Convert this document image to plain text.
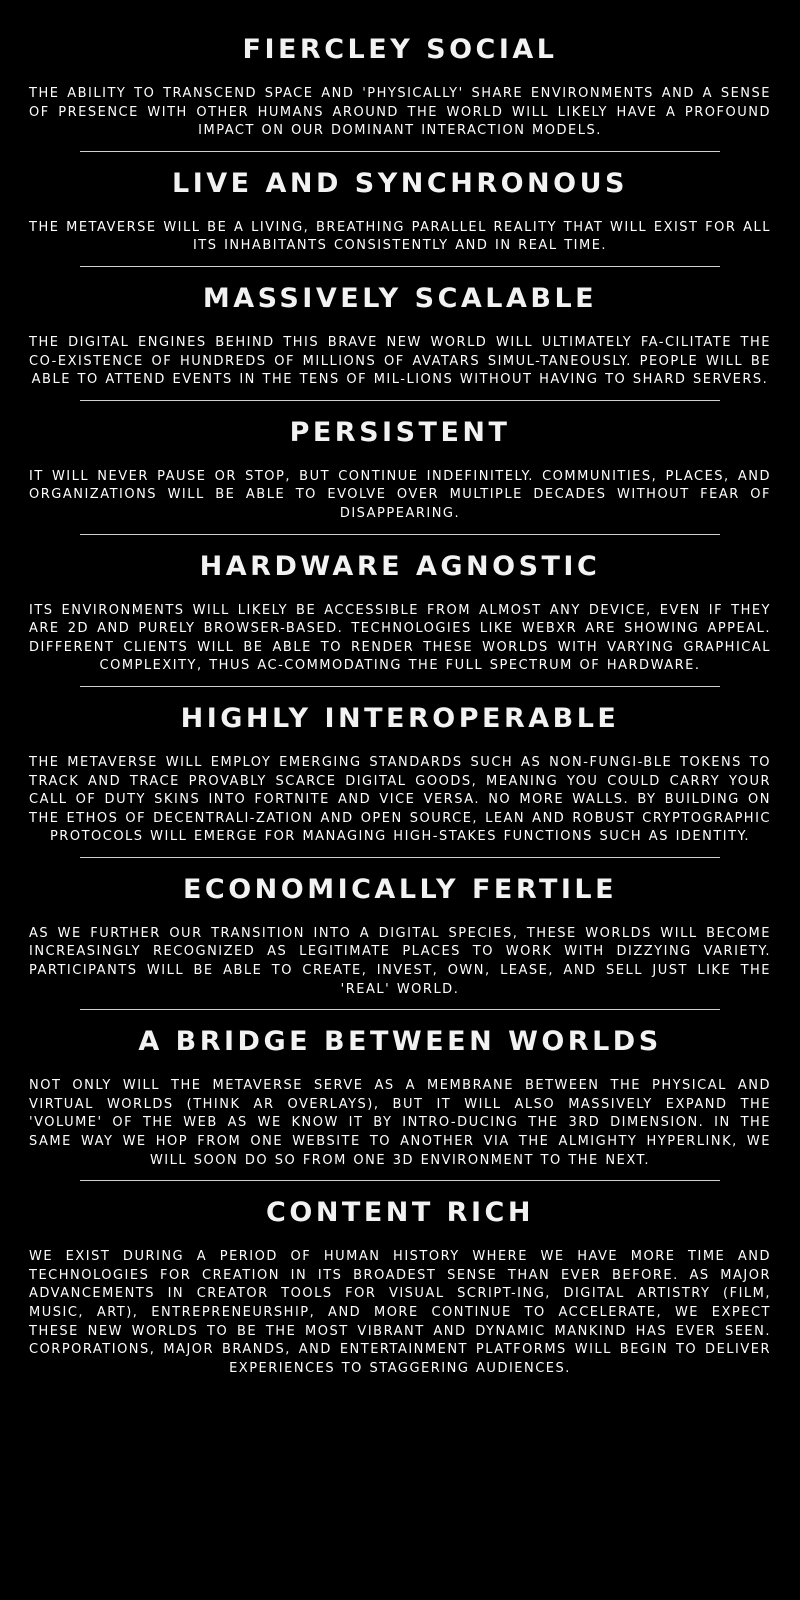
FIERCLEY SOCIAL

THE ABILITY TO TRANSCEND SPACE AND 'PHYSICALLY' SHARE ENVIRONMENTS AND A SENSE OF PRESENCE WITH OTHER HUMANS AROUND THE WORLD WILL LIKELY HAVE A PROFOUND IMPACT ON OUR DOMINANT INTERACTION MODELS.

LIVE AND SYNCHRONOUS

THE METAVERSE WILL BE A LIVING, BREATHING PARALLEL REALITY THAT WILL EXIST FOR ALL ITS INHABITANTS CONSISTENTLY AND IN REAL TIME.

MASSIVELY SCALABLE

THE DIGITAL ENGINES BEHIND THIS BRAVE NEW WORLD WILL ULTIMATELY FA-CILITATE THE CO-EXISTENCE OF HUNDREDS OF MILLIONS OF AVATARS SIMUL-TANEOUSLY. PEOPLE WILL BE ABLE TO ATTEND EVENTS IN THE TENS OF MIL-LIONS WITHOUT HAVING TO SHARD SERVERS.

PERSISTENT

IT WILL NEVER PAUSE OR STOP, BUT CONTINUE INDEFINITELY. COMMUNITIES, PLACES, AND ORGANIZATIONS WILL BE ABLE TO EVOLVE OVER MULTIPLE DECADES WITHOUT FEAR OF DISAPPEARING.

HARDWARE AGNOSTIC

ITS ENVIRONMENTS WILL LIKELY BE ACCESSIBLE FROM ALMOST ANY DEVICE, EVEN IF THEY ARE 2D AND PURELY BROWSER-BASED. TECHNOLOGIES LIKE WEBXR ARE SHOWING APPEAL. DIFFERENT CLIENTS WILL BE ABLE TO RENDER THESE WORLDS WITH VARYING GRAPHICAL COMPLEXITY, THUS AC-COMMODATING THE FULL SPECTRUM OF HARDWARE.

HIGHLY INTEROPERABLE

THE METAVERSE WILL EMPLOY EMERGING STANDARDS SUCH AS NON-FUNGI-BLE TOKENS TO TRACK AND TRACE PROVABLY SCARCE DIGITAL GOODS, MEANING YOU COULD CARRY YOUR CALL OF DUTY SKINS INTO FORTNITE AND VICE VERSA. NO MORE WALLS. BY BUILDING ON THE ETHOS OF DECENTRALI-ZATION AND OPEN SOURCE, LEAN AND ROBUST CRYPTOGRAPHIC PROTOCOLS WILL EMERGE FOR MANAGING HIGH-STAKES FUNCTIONS SUCH AS IDENTITY.

ECONOMICALLY FERTILE

AS WE FURTHER OUR TRANSITION INTO A DIGITAL SPECIES, THESE WORLDS WILL BECOME INCREASINGLY RECOGNIZED AS LEGITIMATE PLACES TO WORK WITH DIZZYING VARIETY. PARTICIPANTS WILL BE ABLE TO CREATE, INVEST, OWN, LEASE, AND SELL JUST LIKE THE 'REAL' WORLD.

A BRIDGE BETWEEN WORLDS

NOT ONLY WILL THE METAVERSE SERVE AS A MEMBRANE BETWEEN THE PHYSICAL AND VIRTUAL WORLDS (THINK AR OVERLAYS), BUT IT WILL ALSO MASSIVELY EXPAND THE 'VOLUME' OF THE WEB AS WE KNOW IT BY INTRO-DUCING THE 3RD DIMENSION. IN THE SAME WAY WE HOP FROM ONE WEBSITE TO ANOTHER VIA THE ALMIGHTY HYPERLINK, WE WILL SOON DO SO FROM ONE 3D ENVIRONMENT TO THE NEXT.

CONTENT RICH

WE EXIST DURING A PERIOD OF HUMAN HISTORY WHERE WE HAVE MORE TIME AND TECHNOLOGIES FOR CREATION IN ITS BROADEST SENSE THAN EVER BEFORE. AS MAJOR ADVANCEMENTS IN CREATOR TOOLS FOR VISUAL SCRIPT-ING, DIGITAL ARTISTRY (FILM, MUSIC, ART), ENTREPRENEURSHIP, AND MORE CONTINUE TO ACCELERATE, WE EXPECT THESE NEW WORLDS TO BE THE MOST VIBRANT AND DYNAMIC MANKIND HAS EVER SEEN. CORPORATIONS, MAJOR BRANDS, AND ENTERTAINMENT PLATFORMS WILL BEGIN TO DELIVER EXPERIENCES TO STAGGERING AUDIENCES.
